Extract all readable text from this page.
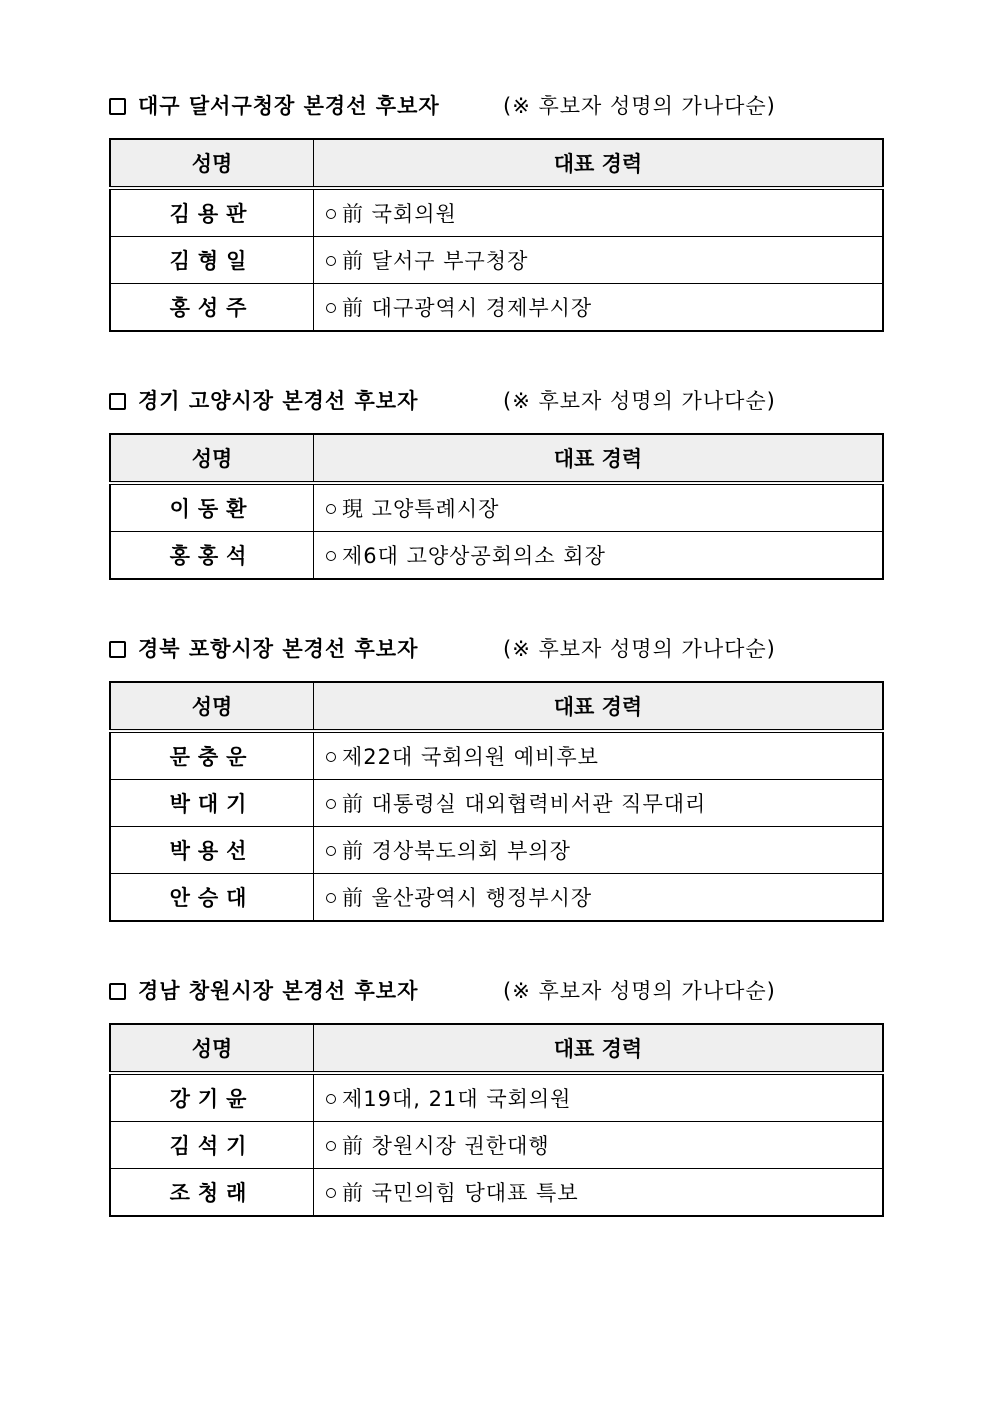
대구 달서구청장 본경선 후보자	(※ 후보자 성명의 가나다순)
성명	대표 경력
김용판	前 국회의원
김형일	前 달서구 부구청장
홍성주	前 대구광역시 경제부시장
경기 고양시장 본경선 후보자	(※ 후보자 성명의 가나다순)
성명	대표 경력
이동환	現 고양특례시장
홍홍석	제6대 고양상공회의소 회장
경북 포항시장 본경선 후보자	(※ 후보자 성명의 가나다순)
성명	대표 경력
문충운	제22대 국회의원 예비후보
박대기	前 대통령실 대외협력비서관 직무대리
박용선	前 경상북도의회 부의장
안승대	前 울산광역시 행정부시장
경남 창원시장 본경선 후보자	(※ 후보자 성명의 가나다순)
성명	대표 경력
강기윤	제19대, 21대 국회의원
김석기	前 창원시장 권한대행
조청래	前 국민의힘 당대표 특보
